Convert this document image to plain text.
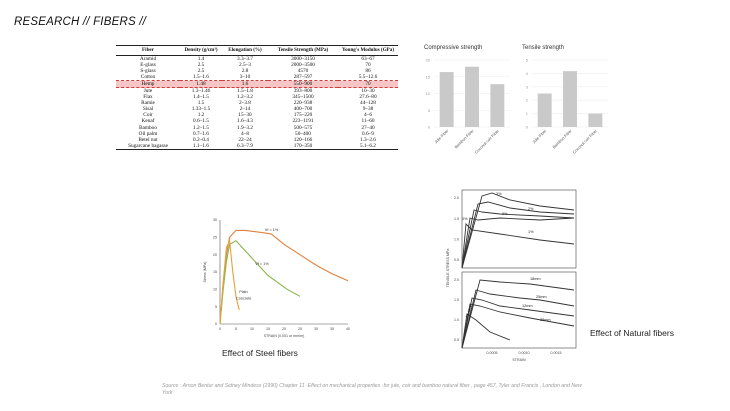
RESEARCH // FIBERS //
Fiber	Density (g/cm³)	Elongation (%)	Tensile Strength (MPa)	Young's Modulus (GPa)
Aramid	1.4	3.3–3.7	3000–3150	63–67
E-glass	2.5	2.5–3	2000–3500	70
S-glass	2.5	2.8	4570	86
Cotton	1.5–1.6	3–10	287–597	5.5–12.6
Hemp	1.48	1.6	550–900	70
Jute	1.3–1.46	1.5–1.8	393–800	10–30
Flax	1.4–1.5	1.2–3.2	345–1500	27.6–80
Ramie	1.5	2–3.8	220–938	44–128
Sisal	1.33–1.5	2–14	400–700	9–38
Coir	1.2	15–30	175–220	4–6
Kenaf	0.6–1.5	1.6–4.3	223–1191	11–60
Bamboo	1.2–1.5	1.9–3.2	500–575	27–40
Oil palm	0.7–1.6	4–8	50–400	0.6–9
Betel nut	0.2–0.4	22–24	120–166	1.3–2.6
Sugarcane bagasse	1.1–1.6	6.3–7.9	170–350	5.1–6.2
Compressive strength
20
15
10
5
0
Jute Fiber Bamboo Fiber
Coconut coir Fiber
Tensile strength
5
4
3
2
1
0
Jute Fiber Bamboo Fiber
Coconut coir Fiber
0	5	10	15	20	25	30	35	40
0
5
10
15
20
25
30
STRAIN (0.001 or mm/m)
Stress (MPa)
Vf = 1%
Vf = 1%
Plain
Concrete
Effect of Steel fibers
2.0
1.5
1.0
0.5
3%
0%
2%
2%
1%
2.0
1.5
1.0
0.5
18mm
25mm
12mm
38mm
No fibre
0.0005	0.0010	0.0015
STRAIN
TENSILE STRESS MPa
Effect of Natural fibers
Source : Arnon Bentur and Sidney Mindess (1990) Chapter 11 ·Effect on mechanical properties ·for jute, coir and bamboo natural fiber , page 457, Tyler and Francis , London and New York
